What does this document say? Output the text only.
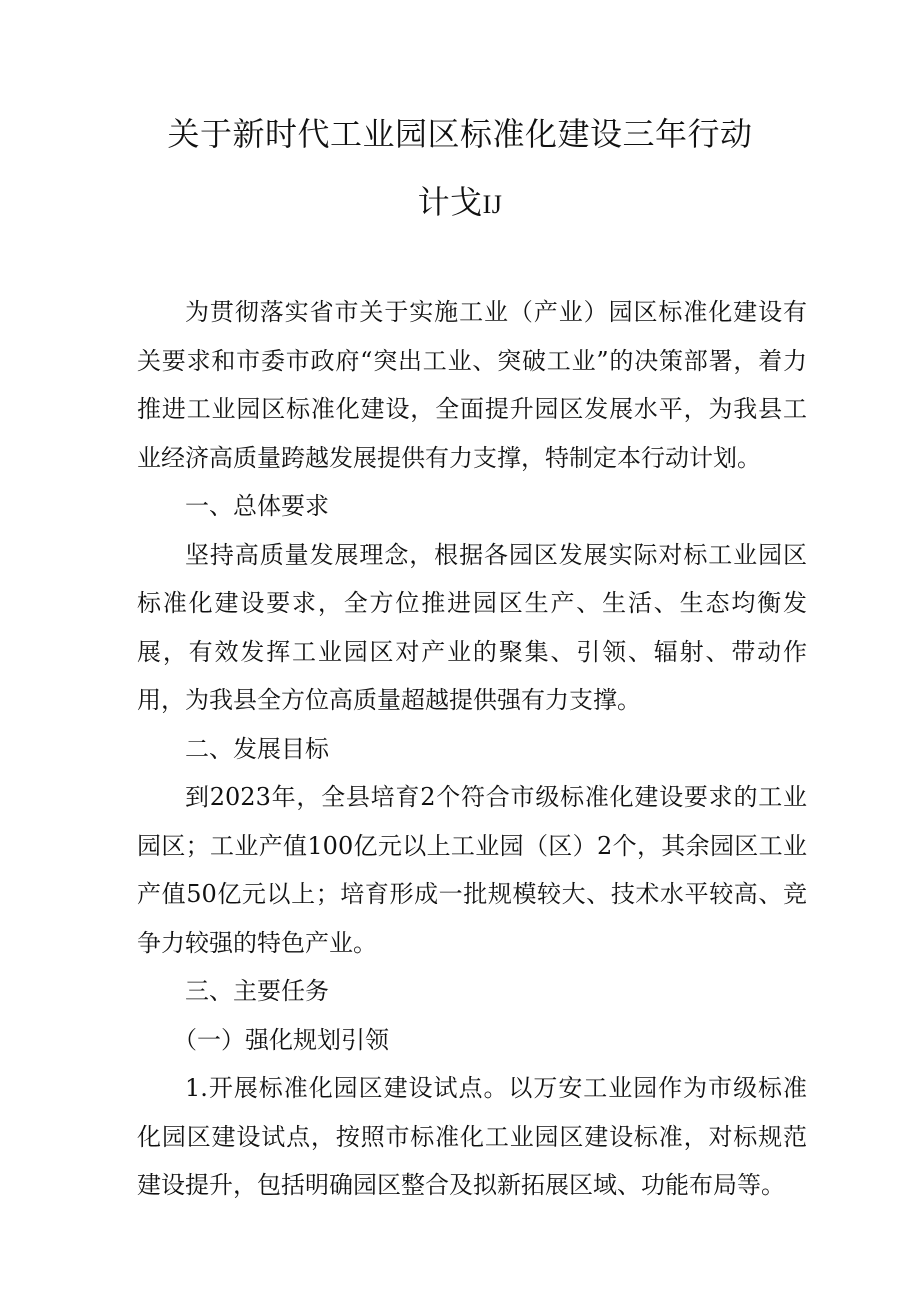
关于新时代工业园区标准化建设三年行动
计戈IJ

为贯彻落实省市关于实施工业（产业）园区标准化建设有关要求和市委市政府“突出工业、突破工业”的决策部署，着力推进工业园区标准化建设，全面提升园区发展水平，为我县工业经济高质量跨越发展提供有力支撑，特制定本行动计划。

一、总体要求

坚持高质量发展理念，根据各园区发展实际对标工业园区标准化建设要求，全方位推进园区生产、生活、生态均衡发展，有效发挥工业园区对产业的聚集、引领、辐射、带动作用，为我县全方位高质量超越提供强有力支撑。

二、发展目标

到2023年，全县培育2个符合市级标准化建设要求的工业园区；工业产值100亿元以上工业园（区）2个，其余园区工业产值50亿元以上；培育形成一批规模较大、技术水平较高、竞争力较强的特色产业。

三、主要任务

（一）强化规划引领

1.开展标准化园区建设试点。以万安工业园作为市级标准化园区建设试点，按照市标准化工业园区建设标准，对标规范建设提升，包括明确园区整合及拟新拓展区域、功能布局等。
